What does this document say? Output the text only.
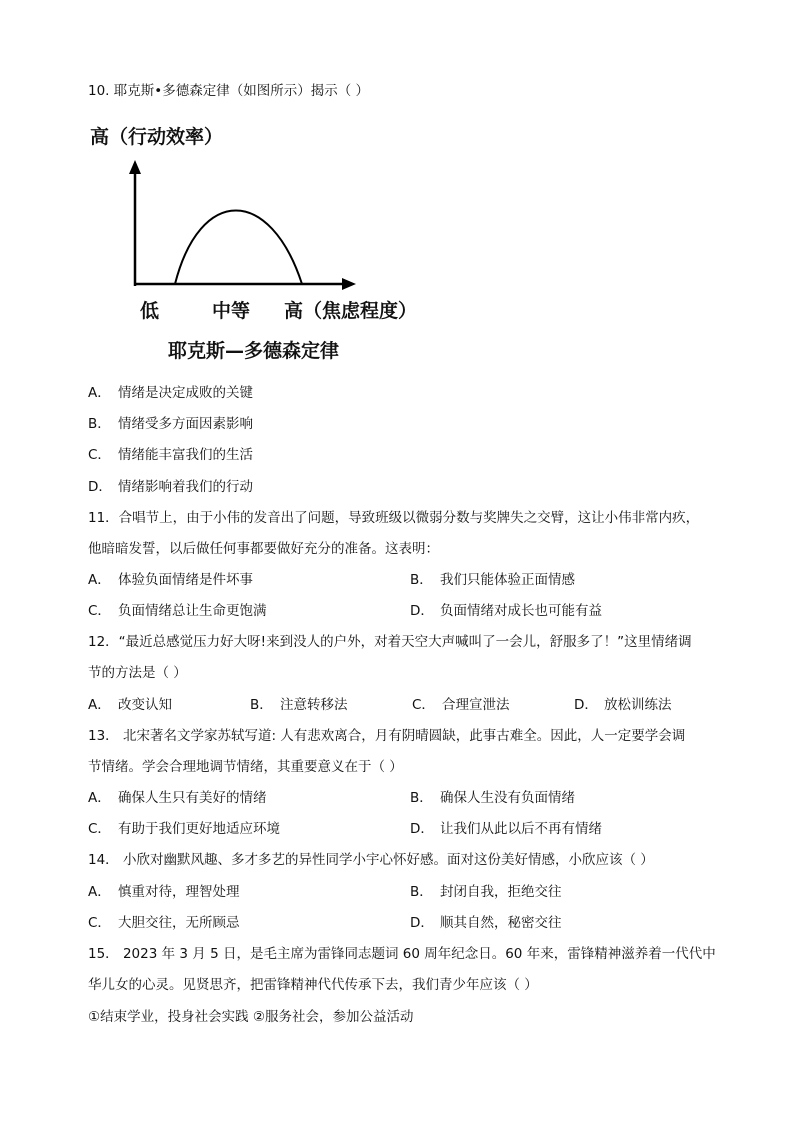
10. 耶克斯•多德森定律（如图所示）揭示（ ）
高（行动效率）
低	中等 高（焦虑程度）
耶克斯—多德森定律
A． 情绪是决定成败的关键
B． 情绪受多方面因素影响
C． 情绪能丰富我们的生活
D． 情绪影响着我们的行动
11．合唱节上，由于小伟的发音出了问题，导致班级以微弱分数与奖牌失之交臂，这让小伟非常内疚，
他暗暗发誓，以后做任何事都要做好充分的准备。这表明：
A． 体验负面情绪是件坏事	B． 我们只能体验正面情感
C． 负面情绪总让生命更饱满	D． 负面情绪对成长也可能有益
12．“最近总感觉压力好大呀!来到没人的户外，对着天空大声喊叫了一会儿，舒服多了！”这里情绪调
节的方法是（ ）
A． 改变认知	B． 注意转移法	C． 合理宣泄法	D． 放松训练法
13． 北宋著名文学家苏轼写道: 人有悲欢离合，月有阴晴圆缺，此事古难全。因此，人一定要学会调
节情绪。学会合理地调节情绪，其重要意义在于（ ）
A． 确保人生只有美好的情绪	B． 确保人生没有负面情绪
C． 有助于我们更好地适应环境	D． 让我们从此以后不再有情绪
14． 小欣对幽默风趣、多才多艺的异性同学小宇心怀好感。面对这份美好情感，小欣应该（ ）
A． 慎重对待，理智处理	B． 封闭自我，拒绝交往
C． 大胆交往，无所顾忌	D． 顺其自然，秘密交往
15． 2023 年 3 月 5 日，是毛主席为雷锋同志题词 60 周年纪念日。60 年来，雷锋精神滋养着一代代中
华儿女的心灵。见贤思齐，把雷锋精神代代传承下去，我们青少年应该（ ）
①结束学业，投身社会实践 ②服务社会，参加公益活动
